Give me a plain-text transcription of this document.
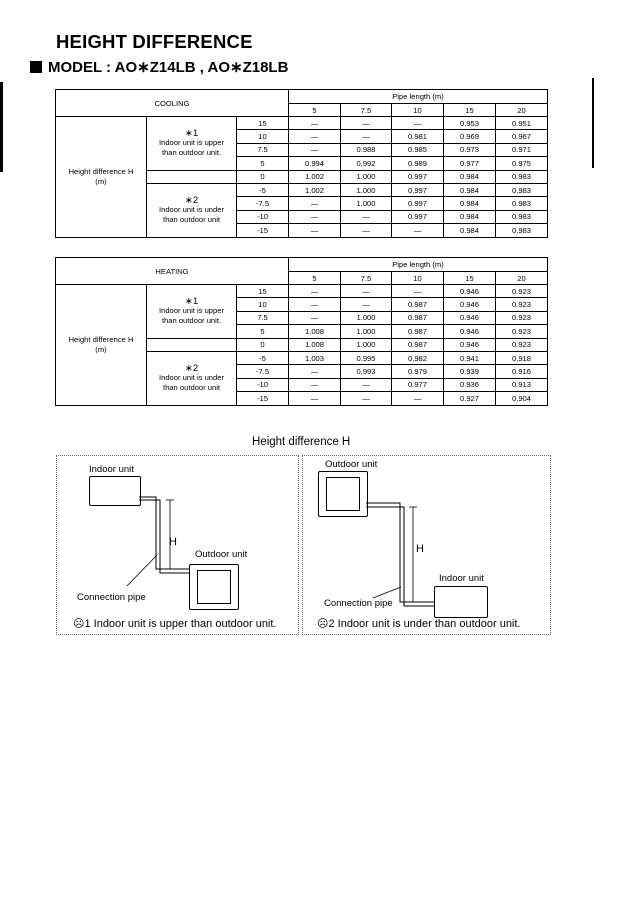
HEIGHT DIFFERENCE
MODEL : AO∗Z14LB , AO∗Z18LB
COOLING			Pipe length (m)				
			5	7.5	10	15	20
Height difference H
(m)	∗1
Indoor unit is upper
than outdoor unit.	15	—	—	—	0.953	0.951
		10	—	—	0.981	0.969	0.967
		7.5	—	0.988	0.985	0.973	0.971
		5	0.994	0.992	0.989	0.977	0.975
		0	1.002	1.000	0.997	0.984	0.983

	∗2
Indoor unit is under
than outdoor unit	-5	1.002	1.000	0.997	0.984	0.983
		-7.5	—	1.000	0.997	0.984	0.983
		-10	—	—	0.997	0.984	0.983
		-15	—	—	—	0.984	0.983
HEATING			Pipe length (m)				
			5	7.5	10	15	20
Height difference H
(m)	∗1
Indoor unit is upper
than outdoor unit.	15	—	—	—	0.946	0.923
		10	—	—	0.987	0.946	0.923
		7.5	—	1.000	0.987	0.946	0.923
		5	1.008	1.000	0.987	0.946	0.923
		0	1.008	1.000	0.987	0.946	0.923

	∗2
Indoor unit is under
than outdoor unit	-5	1.003	0.995	0.982	0.941	0.918
		-7.5	—	0.993	0.979	0.939	0.916
		-10	—	—	0.977	0.936	0.913
		-15	—	—	—	0.927	0.904
Height difference H
Indoor unit
H
Outdoor unit
Connection pipe
☹1 Indoor unit is upper than outdoor unit.
Outdoor unit
H
Indoor unit
Connection pipe
☹2 Indoor unit is under than outdoor unit.
